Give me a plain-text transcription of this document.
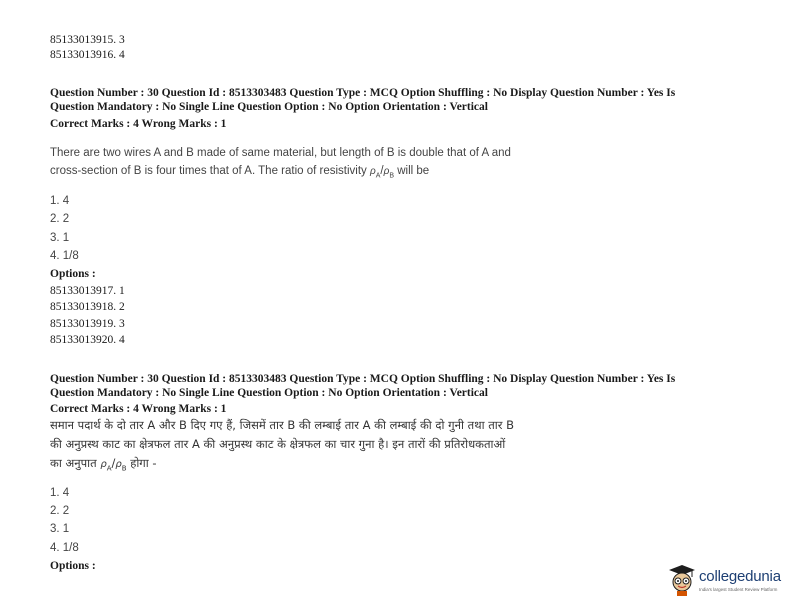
85133013915. 3
85133013916. 4
Question Number : 30 Question Id : 8513303483 Question Type : MCQ Option Shuffling : No Display Question Number : Yes Is
Question Mandatory : No Single Line Question Option : No Option Orientation : Vertical
Correct Marks : 4 Wrong Marks : 1
There are two wires A and B made of same material, but length of B is double that of A and
cross-section of B is four times that of A. The ratio of resistivity $\rho_A/\rho_B$ will be
1. 4
2. 2
3. 1
4. 1/8
Options :
85133013917. 1
85133013918. 2
85133013919. 3
85133013920. 4
Question Number : 30 Question Id : 8513303483 Question Type : MCQ Option Shuffling : No Display Question Number : Yes Is
Question Mandatory : No Single Line Question Option : No Option Orientation : Vertical
Correct Marks : 4 Wrong Marks : 1
समान पदार्थ के दो तार A और B दिए गए हैं, जिसमें तार B की लम्बाई तार A की लम्बाई की दो गुनी तथा तार B
की अनुप्रस्थ काट का क्षेत्रफल तार A की अनुप्रस्थ काट के क्षेत्रफल का चार गुना है। इन तारों की प्रतिरोधकताओं
का अनुपात $\rho_A/\rho_B$ होगा -
1. 4
2. 2
3. 1
4. 1/8
Options :
collegedunia
India's largest Student Review Platform
